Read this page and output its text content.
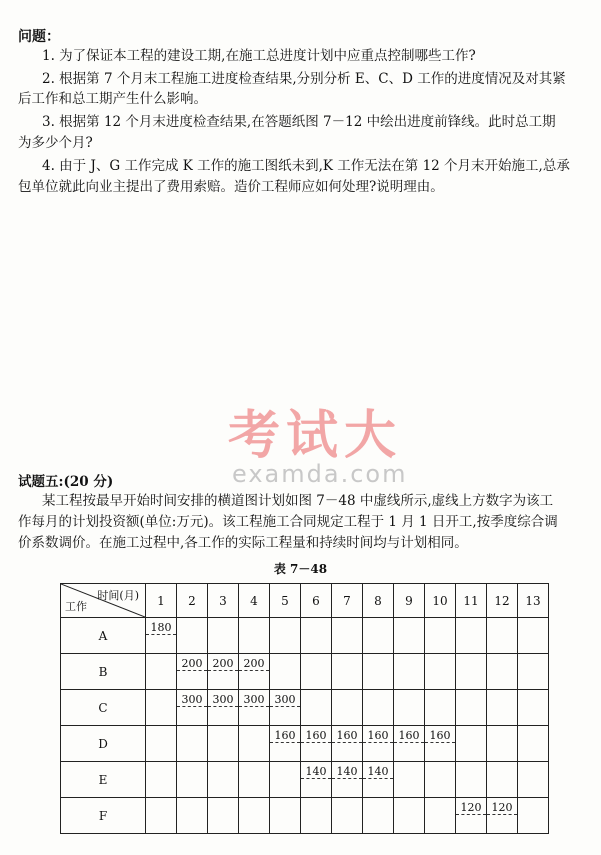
问题：
1. 为了保证本工程的建设工期,在施工总进度计划中应重点控制哪些工作?
2. 根据第 7 个月末工程施工进度检查结果,分别分析 E、C、D 工作的进度情况及对其紧
后工作和总工期产生什么影响。
3. 根据第 12 个月末进度检查结果,在答题纸图 7－12 中绘出进度前锋线。此时总工期
为多少个月?
4. 由于 J、G 工作完成 K 工作的施工图纸未到,K 工作无法在第 12 个月末开始施工,总承
包单位就此向业主提出了费用索赔。造价工程师应如何处理?说明理由。
考试大
examda.com
试题五:(20 分)
某工程按最早开始时间安排的横道图计划如图 7－48 中虚线所示,虚线上方数字为该工
作每月的计划投资额(单位:万元)。该工程施工合同规定工程于 1 月 1 日开工,按季度综合调
价系数调价。在施工过程中,各工作的实际工程量和持续时间均与计划相同。
表 7－48
时间(月)
工作	1	2	3	4	5	6	7	8	9	10	11	12	13
A	180												

B		200	200	200									

C		300	300	300	300								

D					160	160	160	160	160	160			

E						140	140	140					

F											120	120	
